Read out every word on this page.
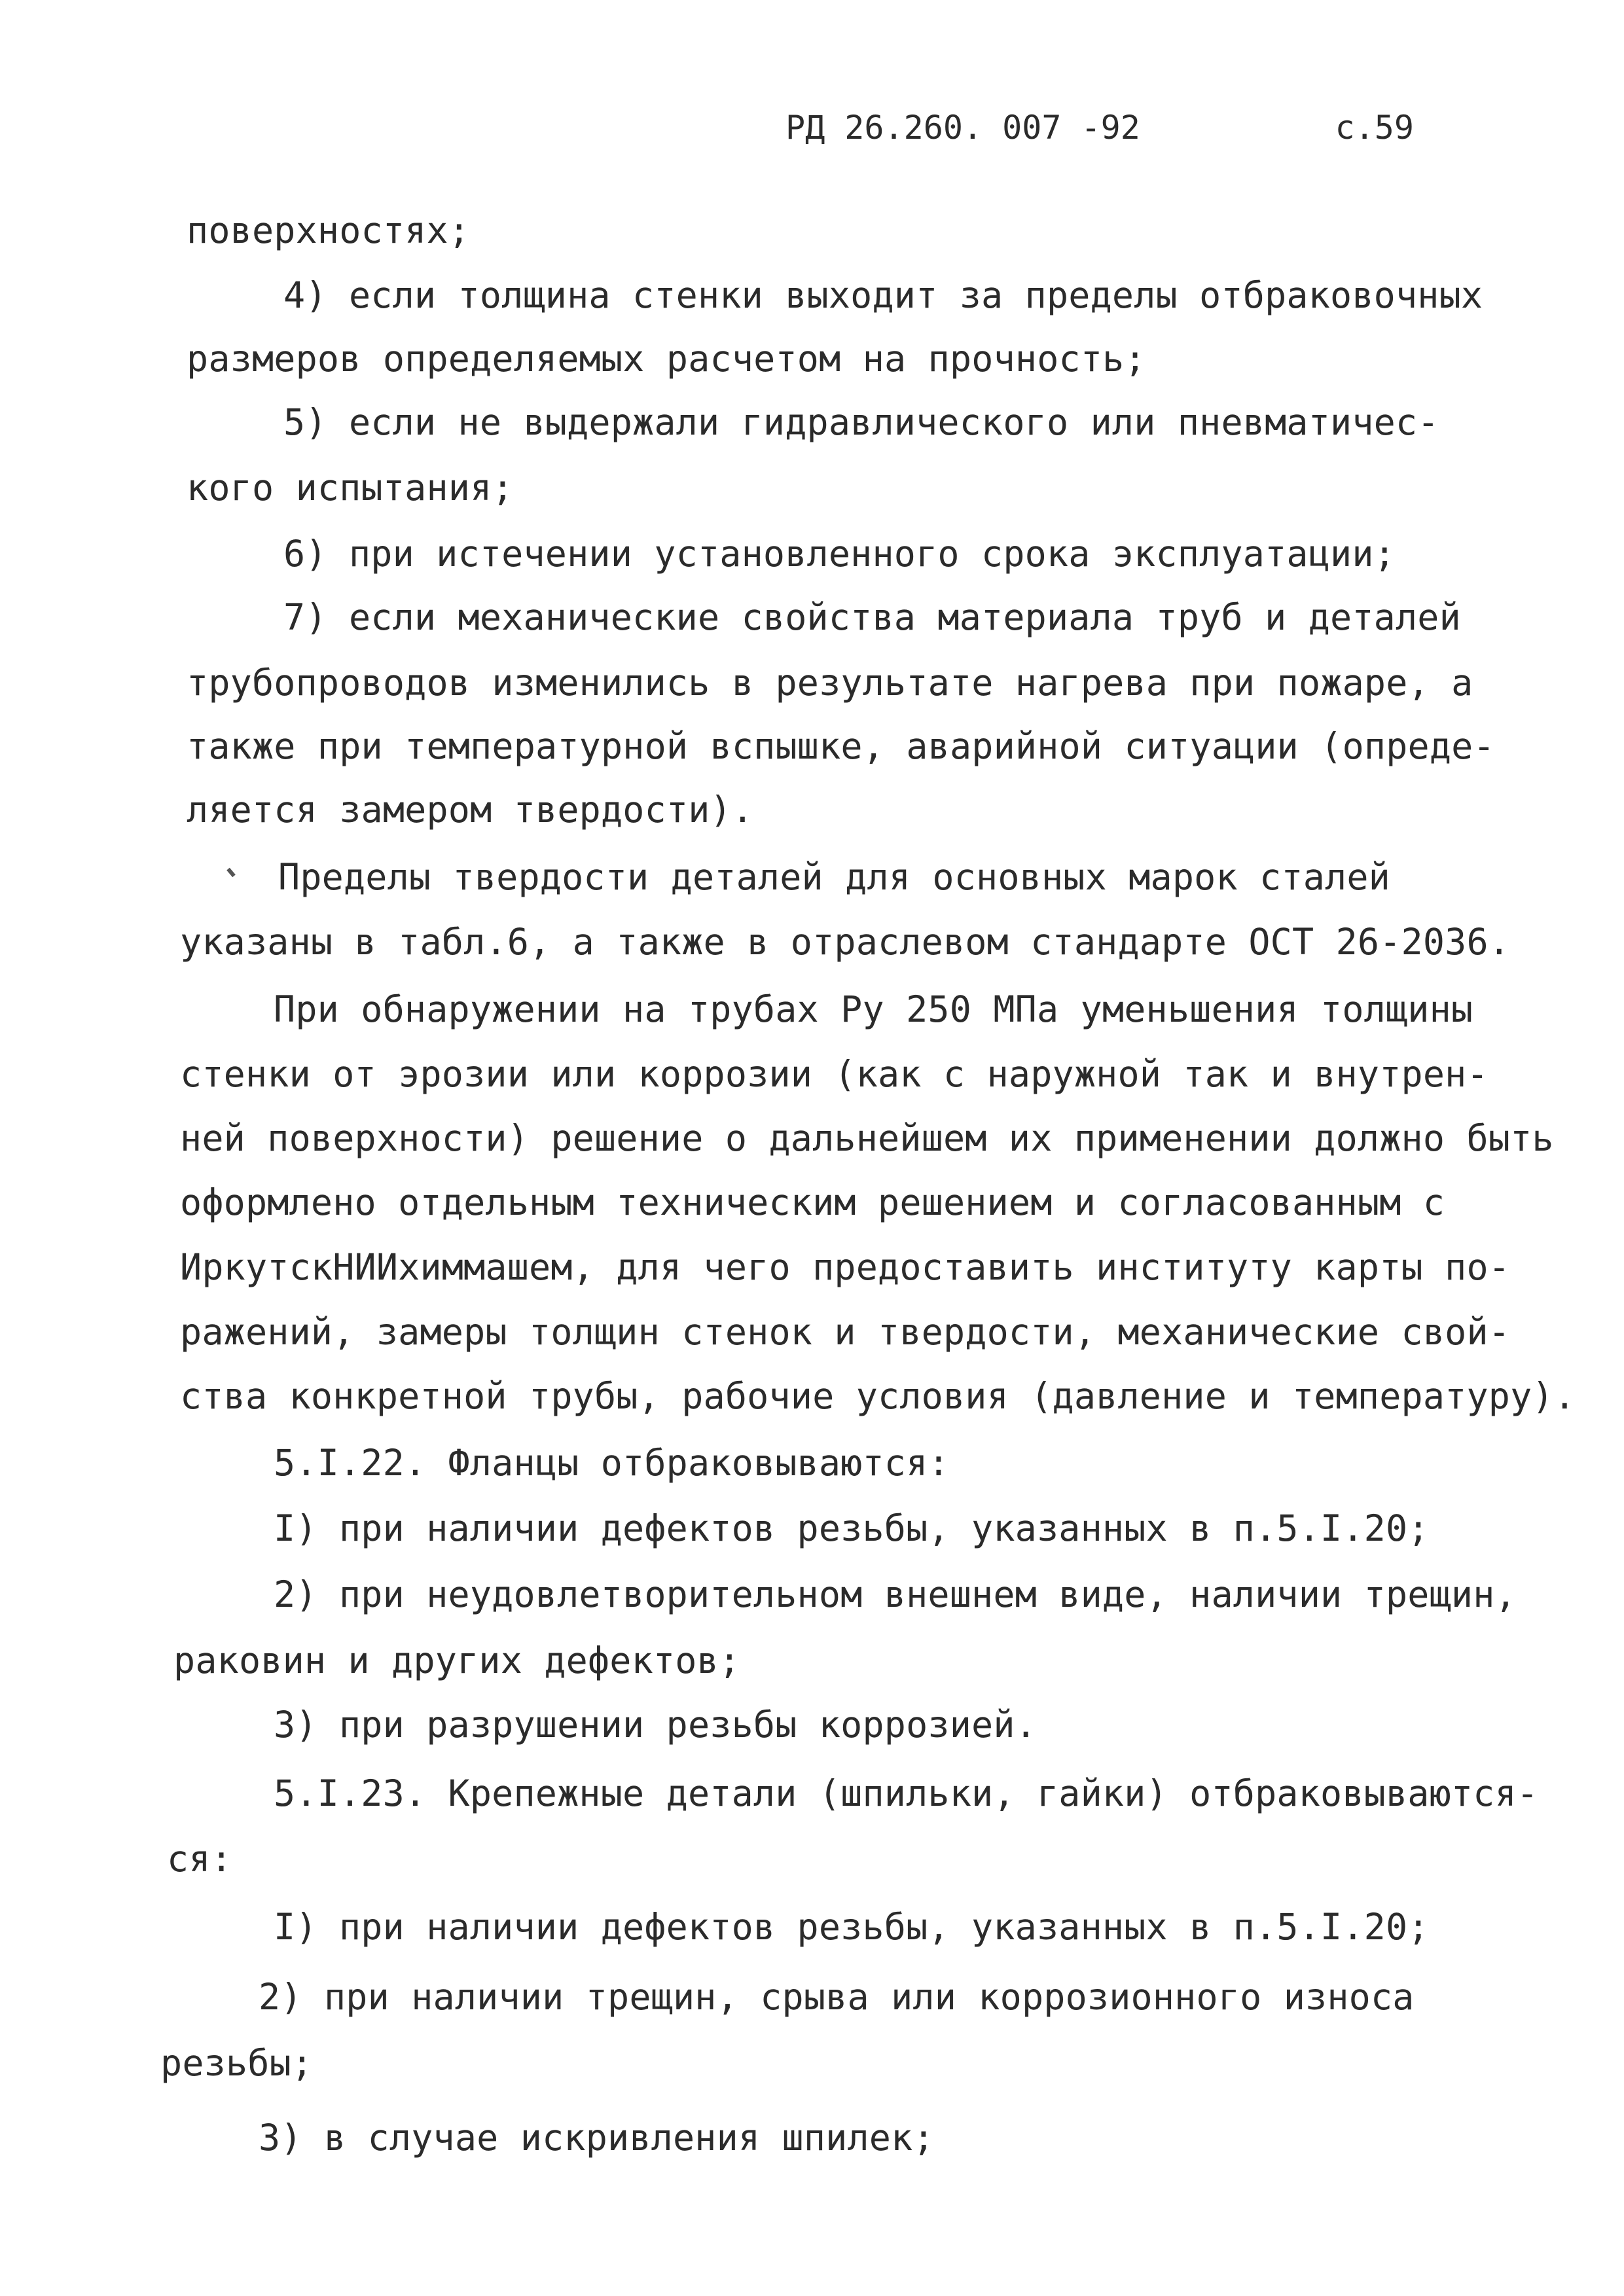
РД 26.260. 007 -92	с.59
поверхностях;
4) если толщина стенки выходит за пределы отбраковочных
размеров определяемых расчетом на прочность;
5) если не выдержали гидравлического или пневматичес-
кого испытания;
6) при истечении установленного срока эксплуатации;
7) если механические свойства материала труб и деталей
трубопроводов изменились в результате нагрева при пожаре, а
также при температурной вспышке, аварийной ситуации (опреде-
ляется замером твердости).
Пределы твердости деталей для основных марок сталей
указаны в табл.6, а также в отраслевом стандарте ОСТ 26-2036.
При обнаружении на трубах Ру 250 МПа уменьшения толщины
стенки от эрозии или коррозии (как с наружной так и внутрен-
ней поверхности) решение о дальнейшем их применении должно быть
оформлено отдельным техническим решением и согласованным с
ИркутскНИИхиммашем, для чего предоставить институту карты по-
ражений, замеры толщин стенок и твердости, механические свой-
ства конкретной трубы, рабочие условия (давление и температуру).
5.I.22. Фланцы отбраковываются:
I) при наличии дефектов резьбы, указанных в п.5.I.20;
2) при неудовлетворительном внешнем виде, наличии трещин,
раковин и других дефектов;
3) при разрушении резьбы коррозией.
5.I.23. Крепежные детали (шпильки, гайки) отбраковываются-
ся:
I) при наличии дефектов резьбы, указанных в п.5.I.20;
2) при наличии трещин, срыва или коррозионного износа
резьбы;
3) в случае искривления шпилек;
